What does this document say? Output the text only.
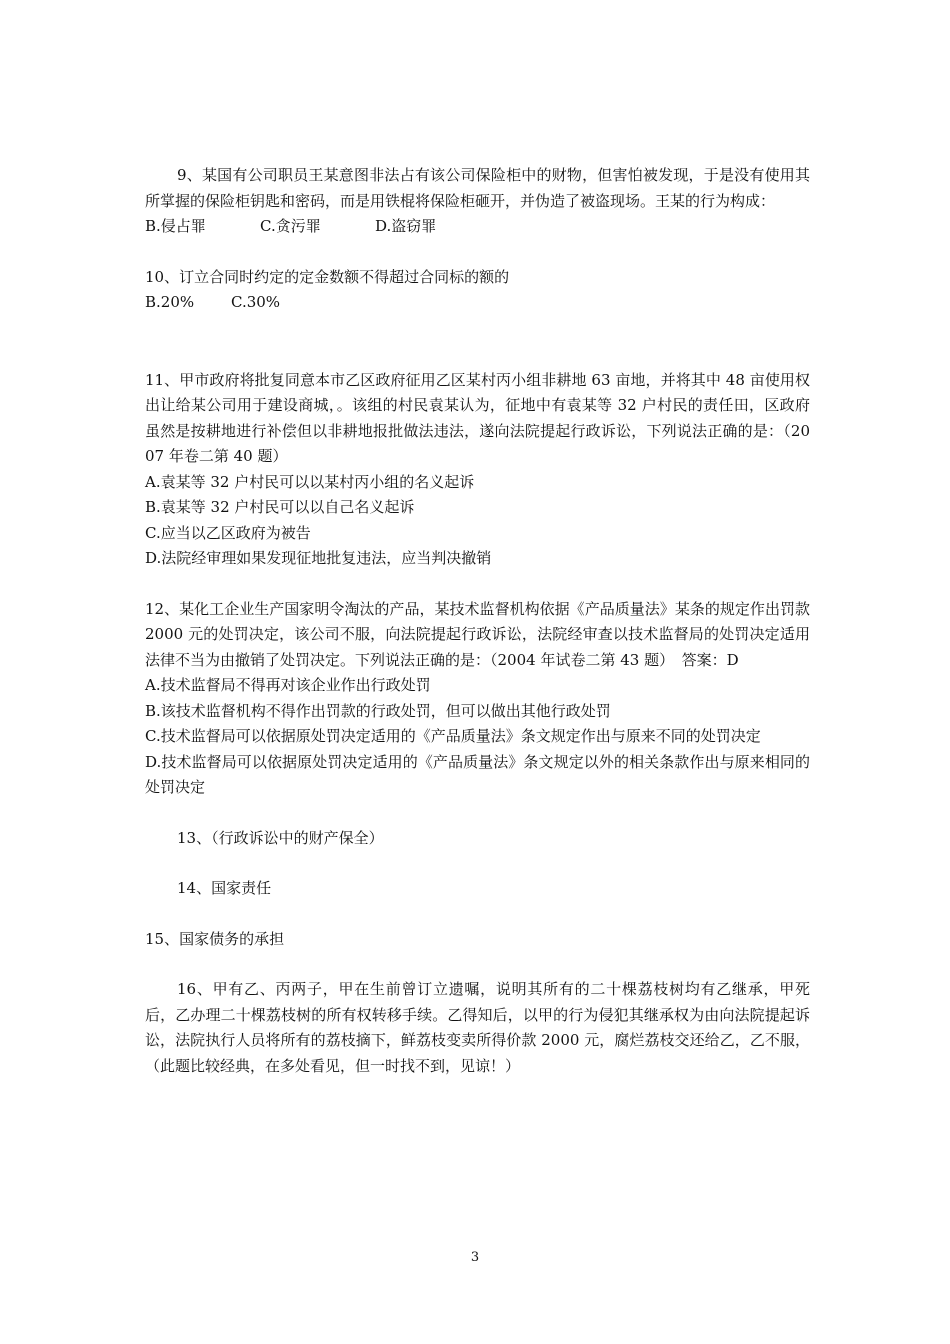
9、某国有公司职员王某意图非法占有该公司保险柜中的财物，但害怕被发现，于是没有使用其所掌握的保险柜钥匙和密码，而是用铁棍将保险柜砸开，并伪造了被盗现场。王某的行为构成：

B.侵占罪	C.贪污罪	D.盗窃罪

10、订立合同时约定的定金数额不得超过合同标的额的

B.20% C.30%

11、甲市政府将批复同意本市乙区政府征用乙区某村丙小组非耕地 63 亩地，并将其中 48 亩使用权出让给某公司用于建设商城，。该组的村民袁某认为，征地中有袁某等 32 户村民的责任田，区政府虽然是按耕地进行补偿但以非耕地报批做法违法，遂向法院提起行政诉讼，下列说法正确的是：（2007 年卷二第 40 题）

A.袁某等 32 户村民可以以某村丙小组的名义起诉

B.袁某等 32 户村民可以以自己名义起诉

C.应当以乙区政府为被告

D.法院经审理如果发现征地批复违法，应当判决撤销

12、某化工企业生产国家明令淘汰的产品，某技术监督机构依据《产品质量法》某条的规定作出罚款 2000 元的处罚决定，该公司不服，向法院提起行政诉讼，法院经审查以技术监督局的处罚决定适用法律不当为由撤销了处罚决定。下列说法正确的是：（2004 年试卷二第 43 题）　答案：D

A.技术监督局不得再对该企业作出行政处罚

B.该技术监督机构不得作出罚款的行政处罚，但可以做出其他行政处罚

C.技术监督局可以依据原处罚决定适用的《产品质量法》条文规定作出与原来不同的处罚决定

D.技术监督局可以依据原处罚决定适用的《产品质量法》条文规定以外的相关条款作出与原来相同的处罚决定

13、（行政诉讼中的财产保全）

14、国家责任

15、国家债务的承担

16、甲有乙、丙两子，甲在生前曾订立遗嘱，说明其所有的二十棵荔枝树均有乙继承，甲死后，乙办理二十棵荔枝树的所有权转移手续。乙得知后，以甲的行为侵犯其继承权为由向法院提起诉讼，法院执行人员将所有的荔枝摘下，鲜荔枝变卖所得价款 2000 元，腐烂荔枝交还给乙，乙不服，（此题比较经典，在多处看见，但一时找不到，见谅！）

3
